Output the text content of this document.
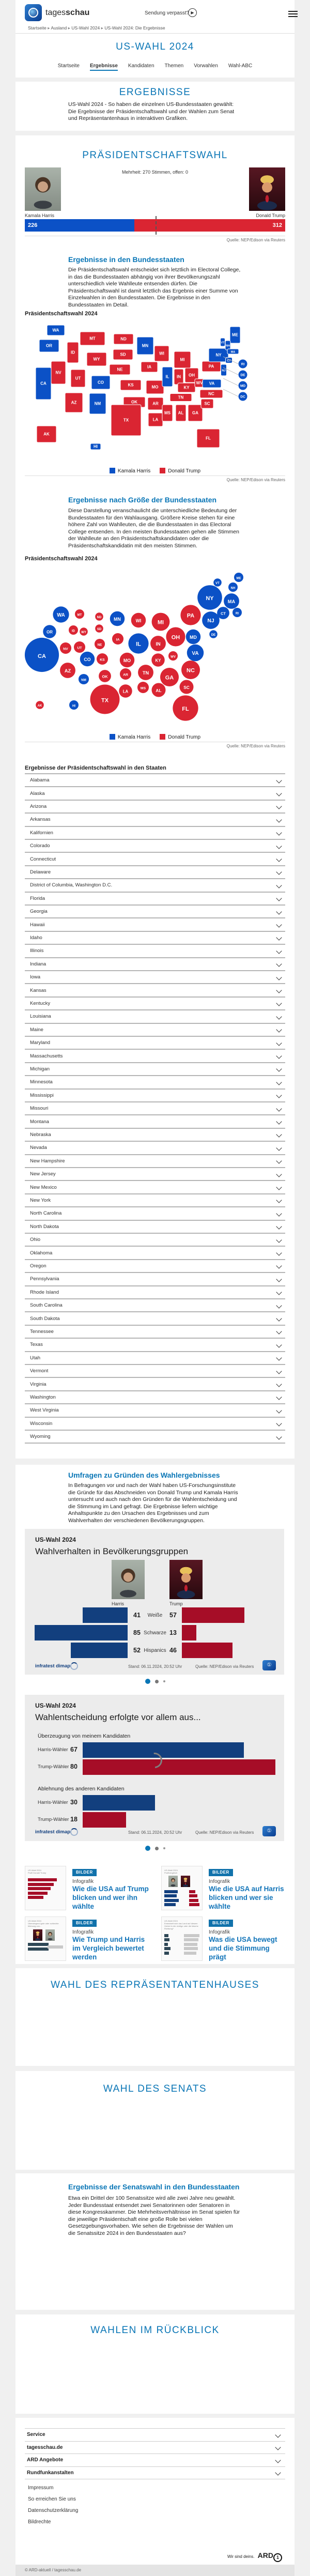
tagesschau	Sendung verpasst? ▶
Startseite ▸ Ausland ▸ US-Wahl 2024 ▸ US-Wahl 2024: Die Ergebnisse
US-WAHL 2024
Startseite Ergebnisse Kandidaten Themen Vorwahlen Wahl-ABC
ERGEBNISSE
US-Wahl 2024 - So haben die einzelnen US-Bundesstaaten gewählt: Die Ergebnisse der Präsidentschaftswahl und der Wahlen zum Senat und Repräsentantenhaus in interaktiven Grafiken.
PRÄSIDENTSCHAFTSWAHL
Mehrheit: 270 Stimmen, offen: 0
Kamala Harris	Donald Trump
226	312
Quelle: NEP/Edison via Reuters
Ergebnisse in den Bundesstaaten
Die Präsidentschaftswahl entscheidet sich letztlich im Electoral College, in das die Bundesstaaten abhängig von ihrer Bevölkerungszahl unterschiedlich viele Wahlleute entsenden dürfen. Die Präsidentschaftswahl ist damit letztlich das Ergebnis einer Summe von Einzelwahlen in den Bundesstaaten. Die Ergebnisse in den Bundesstaaten im Detail.
Präsidentschaftswahl 2024
WA
OR
CA
NV
ID
MT
WY
UT
CO
AZ	NM
ND
SD
NE
KS
OK
TX
MN
IA
MO
AR
LA
WI
IL
MS
MI
IN OH
KY
TN
AL GA
WV VA
NC
SC
FL
PA
NY
NJ
ME
VT
NH
MA
CT
AK
HI
RI
DE
MD
DC
Kamala Harris	Donald Trump
Quelle: NEP/Edison via Reuters
Ergebnisse nach Größe der Bundesstaaten
Diese Darstellung veranschaulicht die unterschiedliche Bedeutung der Bundesstaaten für den Wahlausgang. Größere Kreise stehen für eine höhere Zahl von Wahlleuten, die die Bundesstaaten in das Electoral College entsenden. In den meisten Bundesstaaten gehen alle Stimmen der Wahlleute an den Präsidentschaftskandidaten oder die Präsidentschaftskandidatin mit den meisten Stimmen.
Präsidentschaftswahl 2024
WA
OR
CA
NV
ID
MT
WY
UT
CO
AZ
NM
ND
SD
NE
KS
OK
TX
MN
IA
MO
AR
LA
WI
IL
MS
MI
IN
OH
KY
TN
AL
GA
WV
VA
NC
SC
FL
PA
NY
NJ
ME
VT
NH
MA
CT
AK	HI
RI
DE
MD
Kamala Harris	Donald Trump
Quelle: NEP/Edison via Reuters
Ergebnisse der Präsidentschaftswahl in den Staaten
Alabama
Alaska
Arizona
Arkansas
Kalifornien
Colorado
Connecticut
Delaware
District of Columbia, Washington D.C.
Florida
Georgia
Hawaii
Idaho
Illinois
Indiana
Iowa
Kansas
Kentucky
Louisiana
Maine
Maryland
Massachusetts
Michigan
Minnesota
Mississippi
Missouri
Montana
Nebraska
Nevada
New Hampshire
New Jersey
New Mexico
New York
North Carolina
North Dakota
Ohio
Oklahoma
Oregon
Pennsylvania
Rhode Island
South Carolina
South Dakota
Tennessee
Texas
Utah
Vermont
Virginia
Washington
West Virginia
Wisconsin
Wyoming
Umfragen zu Gründen des Wahlergebnisses
In Befragungen vor und nach der Wahl haben US-Forschungsinstitute die Gründe für das Abschneiden von Donald Trump und Kamala Harris untersucht und auch nach den Gründen für die Wahlentscheidung und die Stimmung im Land gefragt. Die Ergebnisse liefern wichtige Anhaltspunkte zu den Ursachen des Ergebnisses und zum Wahlverhalten der verschiedenen Bevölkerungsgruppen.
US-Wahl 2024
Wahlverhalten in Bevölkerungsgruppen
Harris	Trump
41	Weiße	57
85 Schwarze 13
52 Hispanics 46
infratest dimap	Stand: 06.11.2024, 20:52 Uhr	Quelle: NEP/Edison via Reuters	①
US-Wahl 2024
Wahlentscheidung erfolgte vor allem aus...
Überzeugung von meinem Kandidaten
Harris-Wähler 67
Trump-Wähler 80
Ablehnung des anderen Kandidaten
Harris-Wähler 30
Trump-Wähler 18
infratest dimap	Stand: 06.11.2024, 20:52 Uhr	Quelle: NEP/Edison via Reuters	①
US-Wahl 2024
Profil Donald Trump	BILDER
Infografik
Wie die USA auf Trump blicken und wer ihn wählte
US-Wahl 2024
Profilvergleich	BILDER
Infografik
Wie die USA auf Harris blicken und wer sie wählte
US-Wahl 2024
Überwiegend gute oder schlechte Meinung von...
BILDER
Infografik
Wie Trump und Harris im Vergleich bewertet werden
US-Wahl 2024
Entwickelt sich das Land auf diesem Gebiet in die richtige oder die falsche Richtung?
BILDER
Infografik
Was die USA bewegt und die Stimmung prägt
WAHL DES REPRÄSENTANTENHAUSES
WAHL DES SENATS
Ergebnisse der Senatswahl in den Bundesstaaten
Etwa ein Drittel der 100 Senatssitze wird alle zwei Jahre neu gewählt. Jeder Bundesstaat entsendet zwei Senatorinnen oder Senatoren in diese Kongresskammer. Die Mehrheitsverhältnisse im Senat spielen für die jeweilige Präsidentschaft eine große Rolle bei vielen Gesetzgebungsvorhaben. Wie sehen die Ergebnisse der Wahlen um die Senatssitze 2024 in den Bundesstaaten aus?
WAHLEN IM RÜCKBLICK
Service
tagesschau.de
ARD Angebote
Rundfunkanstalten
Impressum
So erreichen Sie uns
Datenschutzerklärung
Bildrechte
Wir sind deins. ARD 1
© ARD-aktuell / tagesschau.de
